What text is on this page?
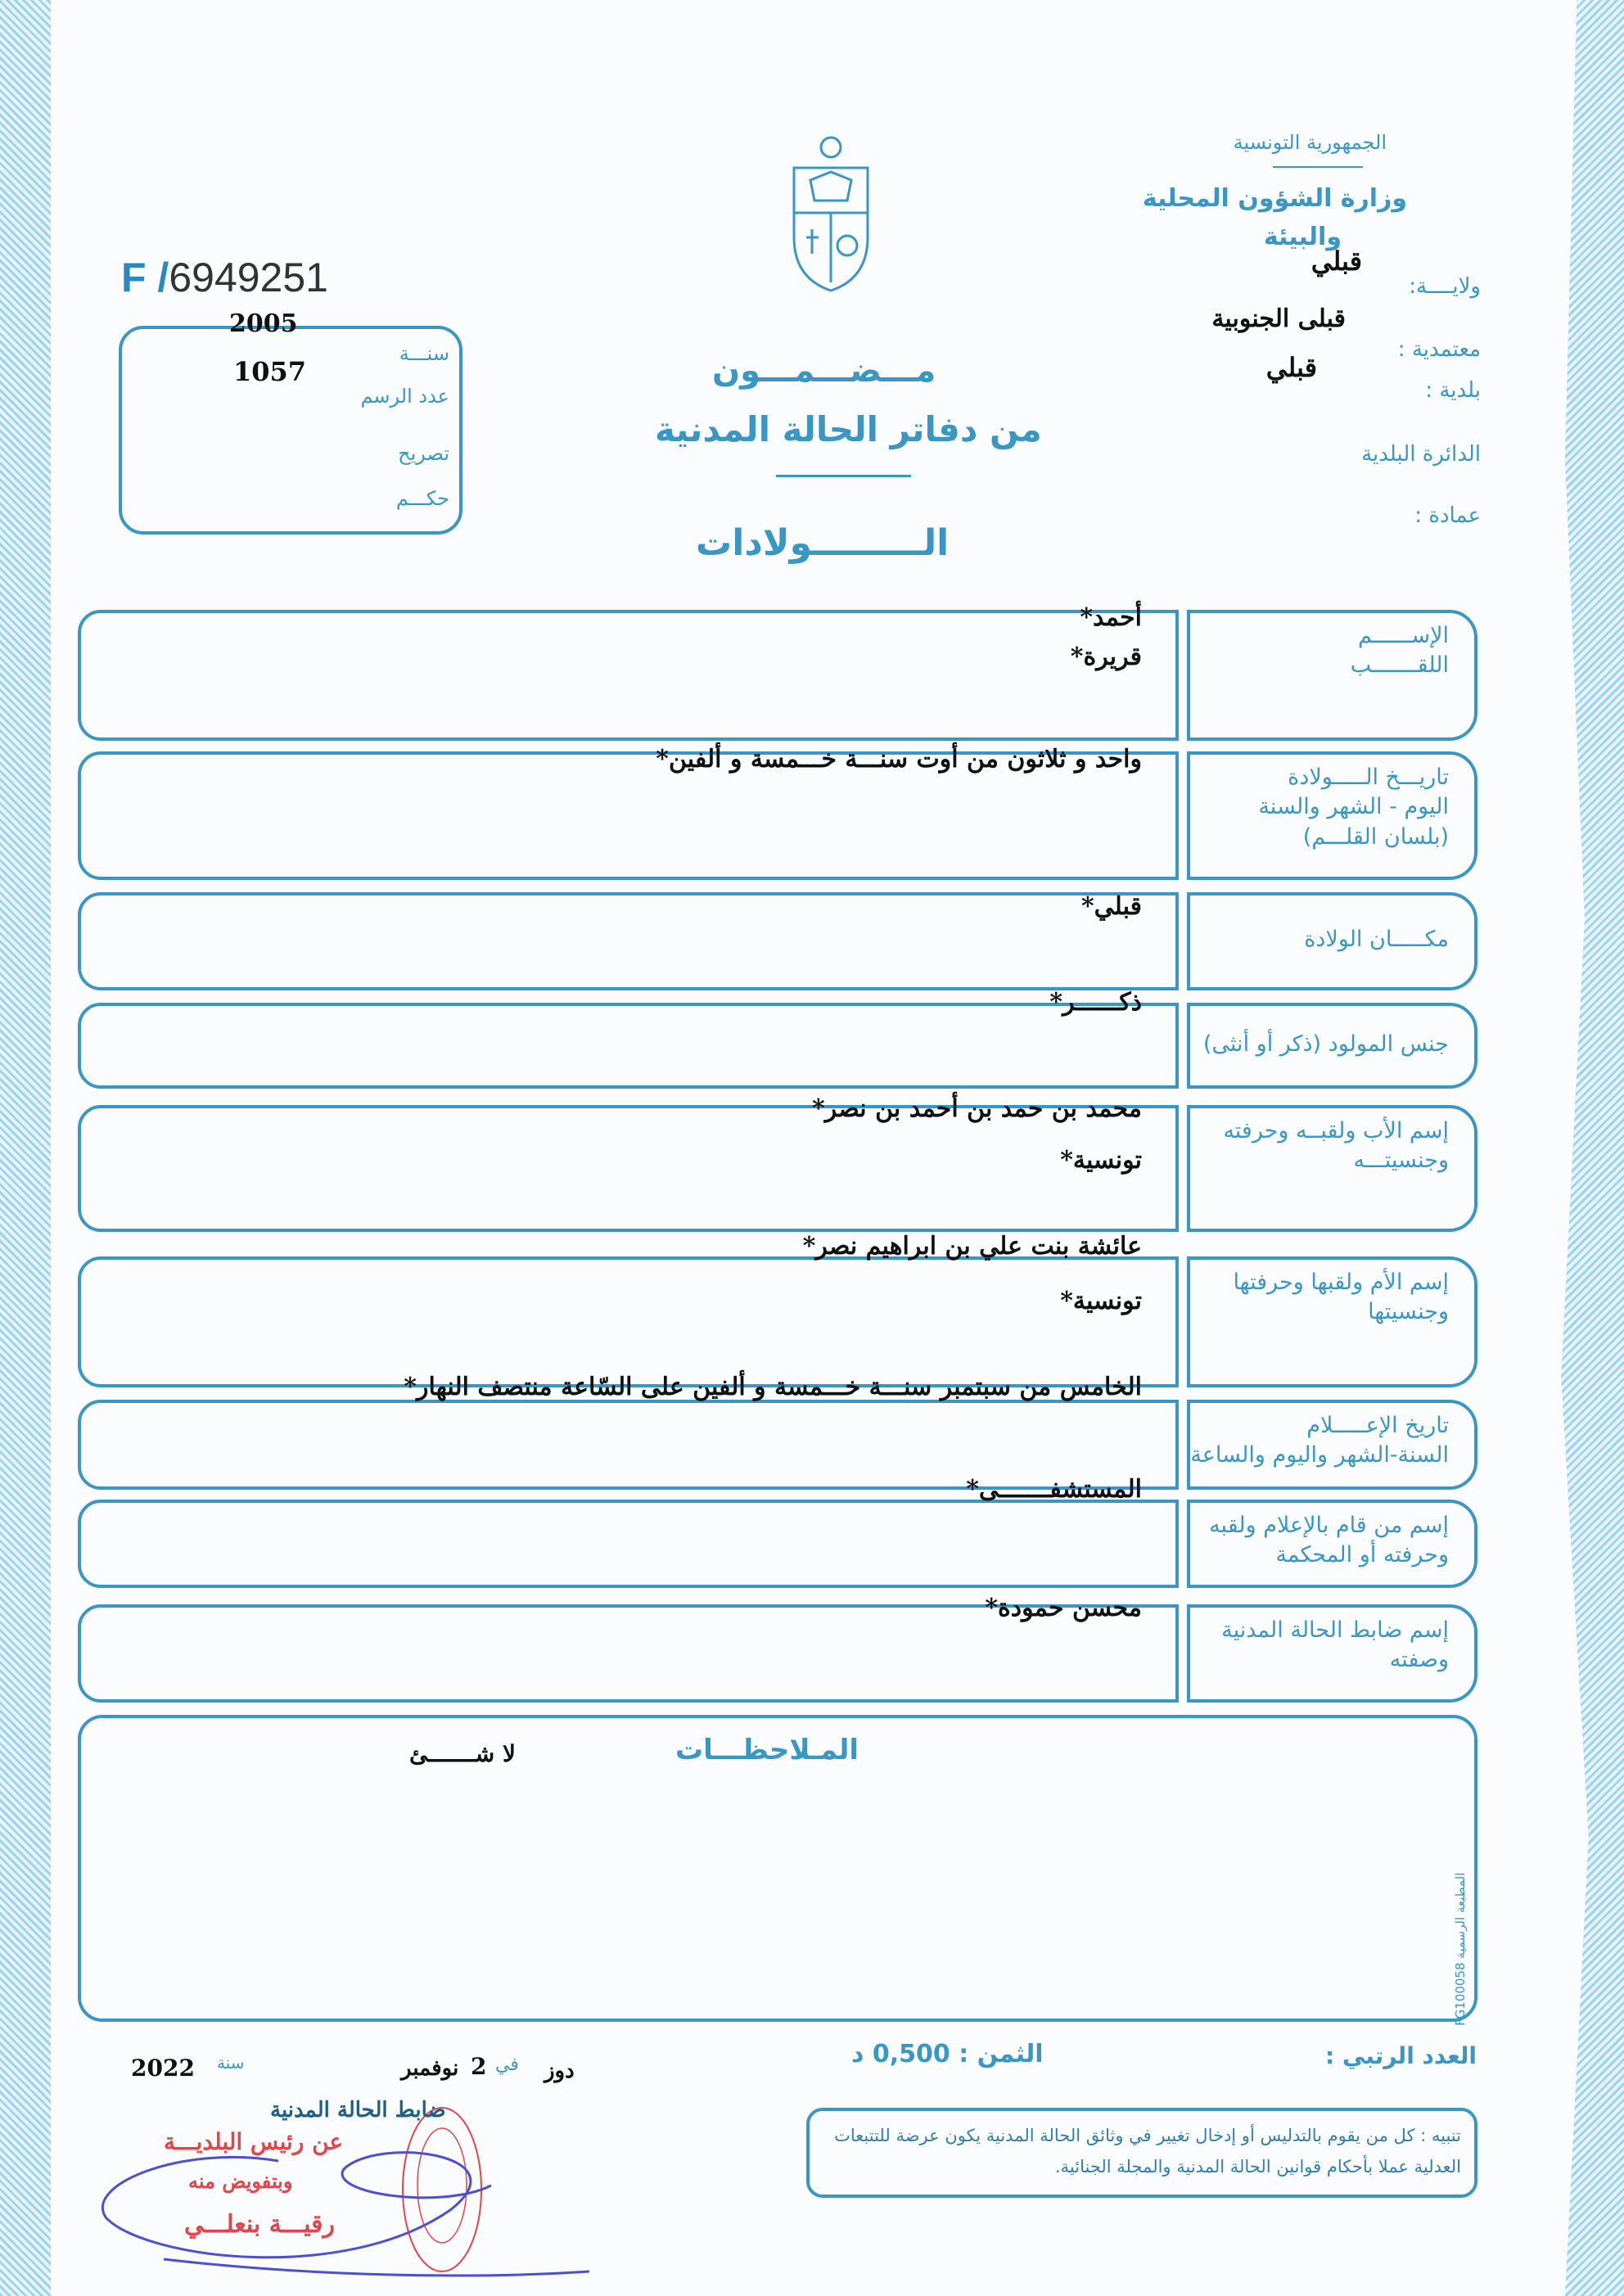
الجمهورية التونسية
وزارة الشؤون المحلية
والبيئة
قبلي
ولايــــة:
قبلى الجنوبية
معتمدية :
قبلي
بلدية :
الدائرة البلدية
عمادة :
F /6949251
2005
1057
سنـــة
عدد الرسم
تصريح
حكـــم
مـــضـــمـــون
من دفاتر الحالة المدنية
الـــــــــولادات
الإســــــم
اللقـــــــب
أحمد*
قريرة*
تاريـــخ الـــــولادة
اليوم - الشهر والسنة
(بلسان القلـــم)
واحد و ثلاثون من أوت سنـــة خـــمسة و ألفين*
مكـــــان الولادة
قبلي*
جنس المولود (ذكر أو أنثى)
ذكــــــر*
إسم الأب ولقبــه وحرفته
وجنسيتـــه
محمد بن حمد بن أحمد بن نصر*
تونسية*
إسم الأم ولقبها وحرفتها
وجنسيتها
عائشة بنت علي بن ابراهيم نصر*
تونسية*
تاريخ الإعـــــلام
السنة-الشهر واليوم والساعة
الخامس من سبتمبر سنـــة خـــمسة و ألفين على السّاعة منتصف النهار*
إسم من قام بالإعلام ولقبه
وحرفته أو المحكمة
المستشفـــــــى*
إسم ضابط الحالة المدنية
وصفته
محسن حمودة*
المـلاحظـــات
لا شـــــــئ
المطبعة الرسمية FG100058
العدد الرتبي :
الثمن : 0,500 د
2022 سنة	نوفمبر 2 في دوز
ضابط الحالة المدنية
عن رئيس البلديـــة
وبتفويض منه
رقيـــة بنعلـــي
تنبيه : كل من يقوم بالتدليس أو إدخال تغيير في وثائق الحالة المدنية يكون عرضة للتتبعات العدلية عملا بأحكام قوانين الحالة المدنية والمجلة الجنائية.
